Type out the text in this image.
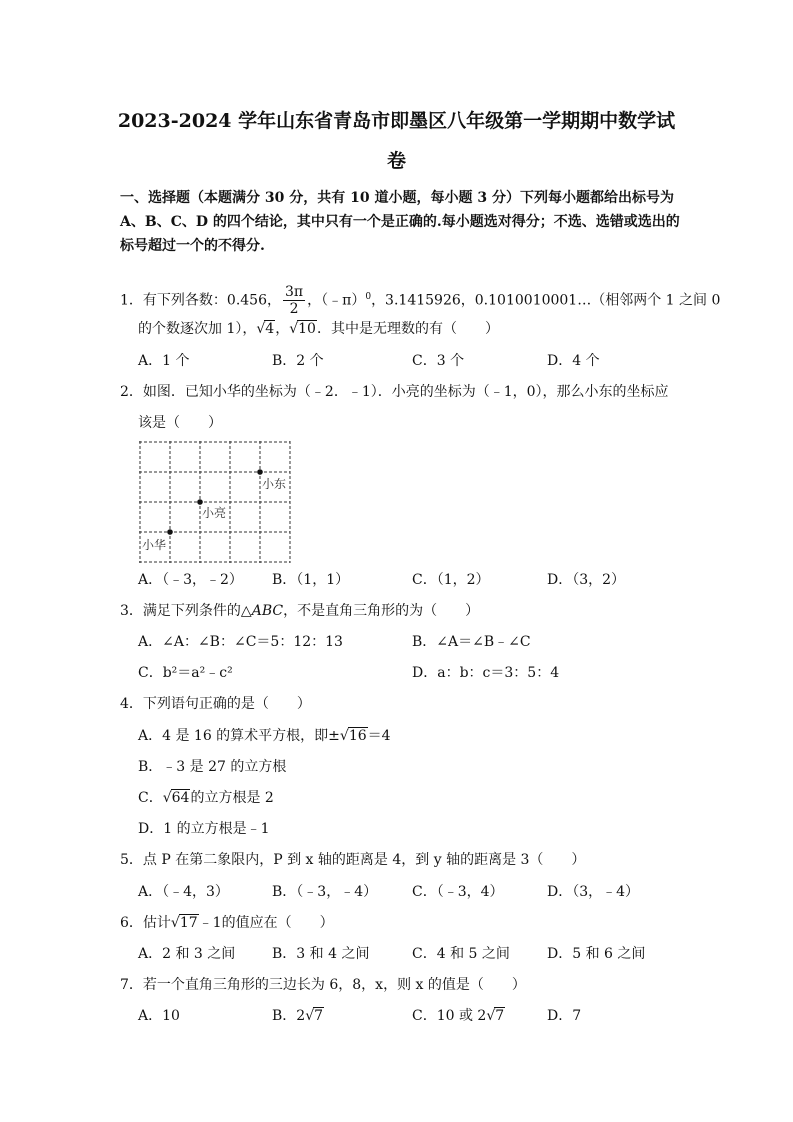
2023-2024 学年山东省青岛市即墨区八年级第一学期期中数学试
卷
一、选择题（本题满分 30 分，共有 10 道小题，每小题 3 分）下列每小题都给出标号为 A、B、C、D 的四个结论，其中只有一个是正确的.每小题选对得分；不选、选错或选出的标号超过一个的不得分.
1．有下列各数：0.456， $\frac{3\pi}{2}$ ，（﹣π）$^0$，3.1415926，0.1010010001…（相邻两个 1 之间 0
的个数逐次加 1），√4，√10．其中是无理数的有（　　）
A．1 个	B．2 个	C．3 个	D．4 个
2．如图．已知小华的坐标为（﹣2．﹣1）．小亮的坐标为（﹣1，0），那么小东的坐标应
该是（　　）
小东
小亮
小华
A．（﹣3，﹣2） B．（1，1）	C．（1，2）	D．（3，2）
3．满足下列条件的△ABC，不是直角三角形的为（　　）
A．∠A：∠B：∠C＝5：12：13	B．∠A＝∠B﹣∠C
C．b²＝a²﹣c²	D．a：b：c＝3：5：4
4．下列语句正确的是（　　）
A．4 是 16 的算术平方根，即±√16＝4
B．﹣3 是 27 的立方根
C．√64的立方根是 2
D．1 的立方根是﹣1
5．点 P 在第二象限内，P 到 x 轴的距离是 4，到 y 轴的距离是 3（　　）
A．（﹣4，3）	B．（﹣3，﹣4） C．（﹣3，4）	D．（3，﹣4）
6．估计√17﹣1的值应在（　　）
A．2 和 3 之间	B．3 和 4 之间	C．4 和 5 之间	D．5 和 6 之间
7．若一个直角三角形的三边长为 6，8，x，则 x 的值是（　　）
A．10	B．2√7	C．10 或 2√7	D．7
